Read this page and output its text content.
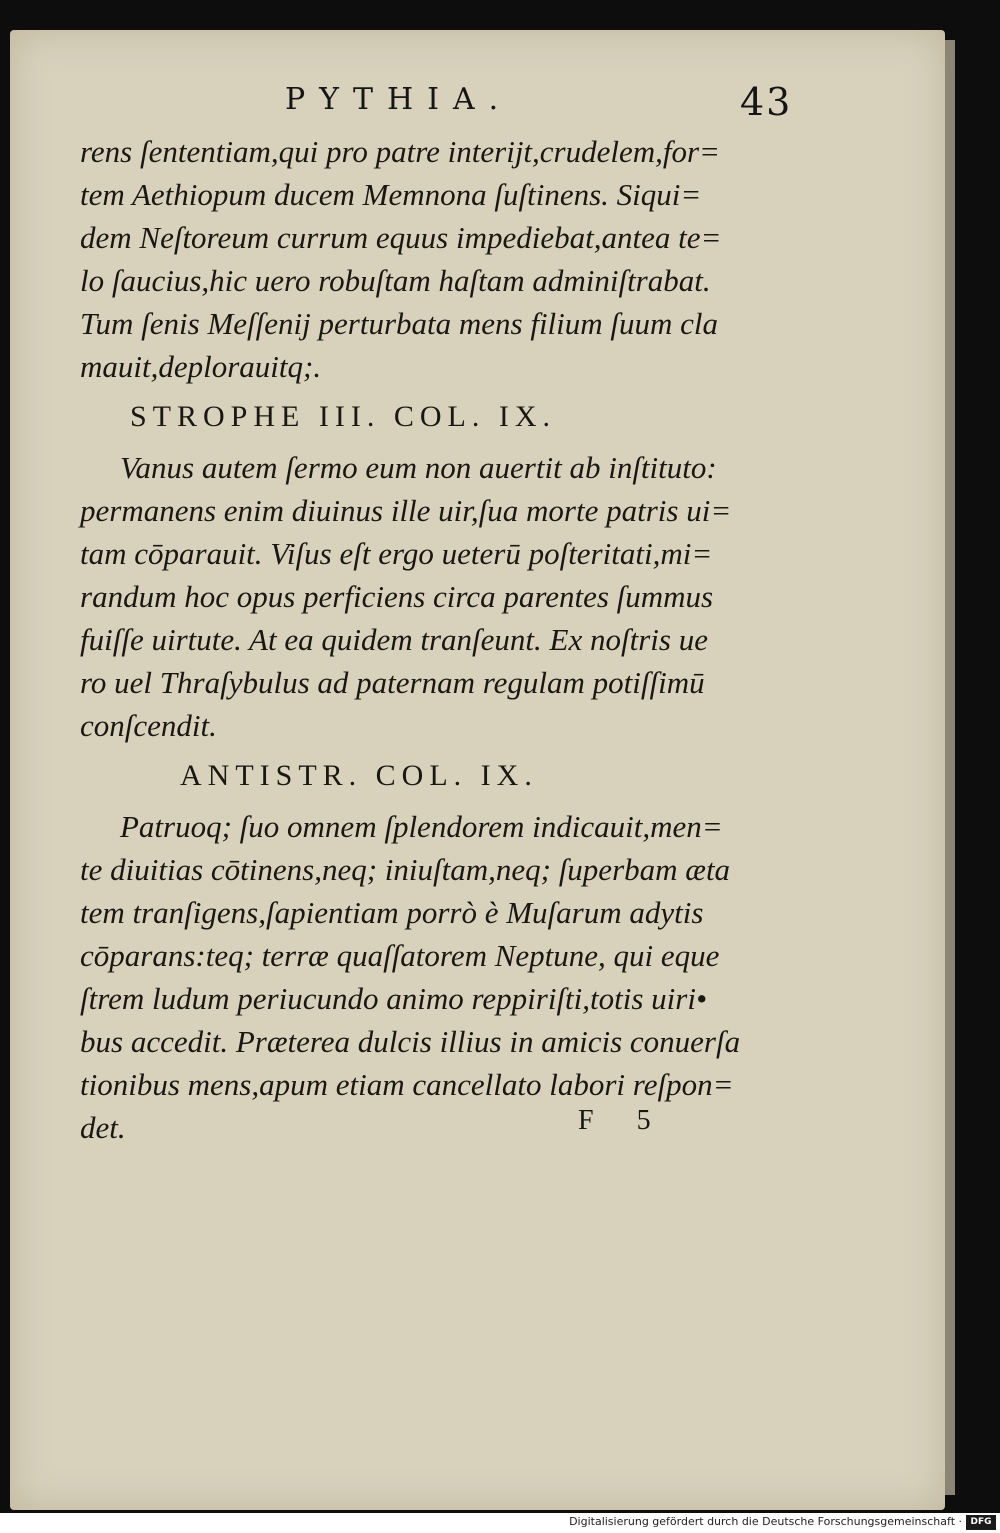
PYTHIA.	43
rens ſententiam,qui pro patre interijt,crudelem,for=
tem Aethiopum ducem Memnona ſuſtinens. Siqui=
dem Neſtoreum currum equus impediebat,antea te=
lo ſaucius,hic uero robuſtam haſtam adminiſtrabat.
Tum ſenis Meſſenij perturbata mens filium ſuum cla
mauit,deplorauitq;.
STROPHE III. COL. IX.
Vanus autem ſermo eum non auertit ab inſtituto:
permanens enim diuinus ille uir,ſua morte patris ui=
tam cōparauit. Viſus eſt ergo ueterū poſteritati,mi=
randum hoc opus perficiens circa parentes ſummus
fuiſſe uirtute. At ea quidem tranſeunt. Ex noſtris ue
ro uel Thraſybulus ad paternam regulam potiſſimū
conſcendit.
ANTISTR. COL. IX.
Patruoq; ſuo omnem ſplendorem indicauit,men=
te diuitias cōtinens,neq; iniuſtam,neq; ſuperbam æta
tem tranſigens,ſapientiam porrò è Muſarum adytis
cōparans:teq; terræ quaſſatorem Neptune, qui eque
ſtrem ludum periucundo animo reppiriſti,totis uiri•
bus accedit. Præterea dulcis illius in amicis conuerſa
tionibus mens,apum etiam cancellato labori reſpon=
det.	F 5
Digitalisierung gefördert durch die Deutsche Forschungsgemeinschaft · DFG
